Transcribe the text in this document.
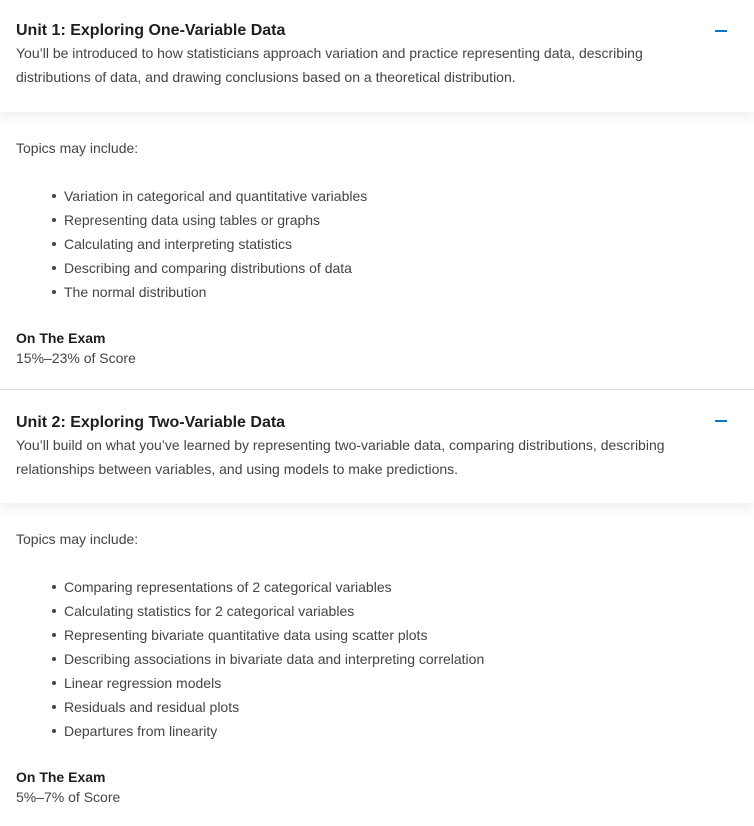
Unit 1: Exploring One-Variable Data

You’ll be introduced to how statisticians approach variation and practice representing data, describing distributions of data, and drawing conclusions based on a theoretical distribution.

Topics may include:

Variation in categorical and quantitative variables
Representing data using tables or graphs
Calculating and interpreting statistics
Describing and comparing distributions of data
The normal distribution

On The Exam

15%–23% of Score

Unit 2: Exploring Two-Variable Data

You’ll build on what you’ve learned by representing two-variable data, comparing distributions, describing relationships between variables, and using models to make predictions.

Topics may include:

Comparing representations of 2 categorical variables
Calculating statistics for 2 categorical variables
Representing bivariate quantitative data using scatter plots
Describing associations in bivariate data and interpreting correlation
Linear regression models
Residuals and residual plots
Departures from linearity

On The Exam

5%–7% of Score
